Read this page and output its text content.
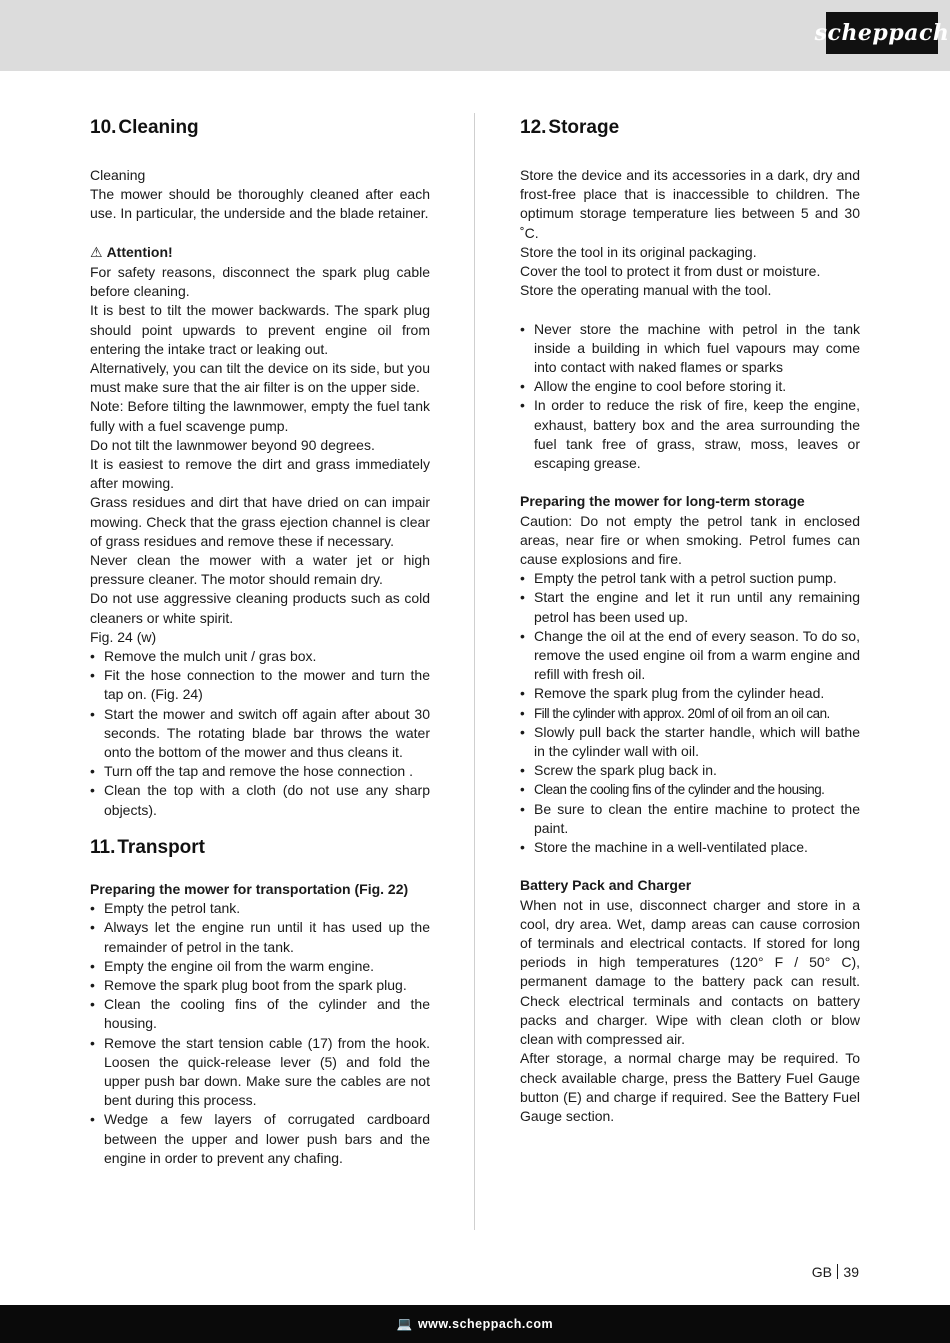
scheppach
10. Cleaning

Cleaning

The mower should be thoroughly cleaned after each use. In particular, the underside and the blade retainer.

⚠ Attention!

For safety reasons, disconnect the spark plug cable before cleaning.

It is best to tilt the mower backwards. The spark plug should point upwards to prevent engine oil from entering the intake tract or leaking out.

Alternatively, you can tilt the device on its side, but you must make sure that the air filter is on the upper side.

Note: Before tilting the lawnmower, empty the fuel tank fully with a fuel scavenge pump.

Do not tilt the lawnmower beyond 90 degrees.

It is easiest to remove the dirt and grass immediately after mowing.

Grass residues and dirt that have dried on can impair mowing. Check that the grass ejection channel is clear of grass residues and remove these if necessary.

Never clean the mower with a water jet or high pressure cleaner. The motor should remain dry.

Do not use aggressive cleaning products such as cold cleaners or white spirit.

Fig. 24 (w)

• Remove the mulch unit / gras box.
• Fit the hose connection to the mower and turn the tap on. (Fig. 24)
• Start the mower and switch off again after about 30 seconds. The rotating blade bar throws the water onto the bottom of the mower and thus cleans it.
• Turn off the tap and remove the hose connection .
• Clean the top with a cloth (do not use any sharp objects).
11. Transport

Preparing the mower for transportation (Fig. 22)

• Empty the petrol tank.
• Always let the engine run until it has used up the remainder of petrol in the tank.
• Empty the engine oil from the warm engine.
• Remove the spark plug boot from the spark plug.
• Clean the cooling fins of the cylinder and the housing.
• Remove the start tension cable (17) from the hook. Loosen the quick-release lever (5) and fold the upper push bar down. Make sure the cables are not bent during this process.
• Wedge a few layers of corrugated cardboard between the upper and lower push bars and the engine in order to prevent any chafing.
12. Storage

Store the device and its accessories in a dark, dry and frost-free place that is inaccessible to children. The optimum storage temperature lies between 5 and 30 ˚C.

Store the tool in its original packaging.

Cover the tool to protect it from dust or moisture.

Store the operating manual with the tool.

• Never store the machine with petrol in the tank inside a building in which fuel vapours may come into contact with naked flames or sparks
• Allow the engine to cool before storing it.
• In order to reduce the risk of fire, keep the engine, exhaust, battery box and the area surrounding the fuel tank free of grass, straw, moss, leaves or escaping grease.

Preparing the mower for long-term storage

Caution: Do not empty the petrol tank in enclosed areas, near fire or when smoking. Petrol fumes can cause explosions and fire.

• Empty the petrol tank with a petrol suction pump.
• Start the engine and let it run until any remaining petrol has been used up.
• Change the oil at the end of every season. To do so, remove the used engine oil from a warm engine and refill with fresh oil.
• Remove the spark plug from the cylinder head.
• Fill the cylinder with approx. 20ml of oil from an oil can.
• Slowly pull back the starter handle, which will bathe in the cylinder wall with oil.
• Screw the spark plug back in.
• Clean the cooling fins of the cylinder and the housing.
• Be sure to clean the entire machine to protect the paint.
• Store the machine in a well-ventilated place.

Battery Pack and Charger

When not in use, disconnect charger and store in a cool, dry area. Wet, damp areas can cause corrosion of terminals and electrical contacts. If stored for long periods in high temperatures (120° F / 50° C), permanent damage to the battery pack can result. Check electrical terminals and contacts on battery packs and charger. Wipe with clean cloth or blow clean with compressed air.

After storage, a normal charge may be required. To check available charge, press the Battery Fuel Gauge button (E) and charge if required. See the Battery Fuel Gauge section.

GB 39
💻 www.scheppach.com
